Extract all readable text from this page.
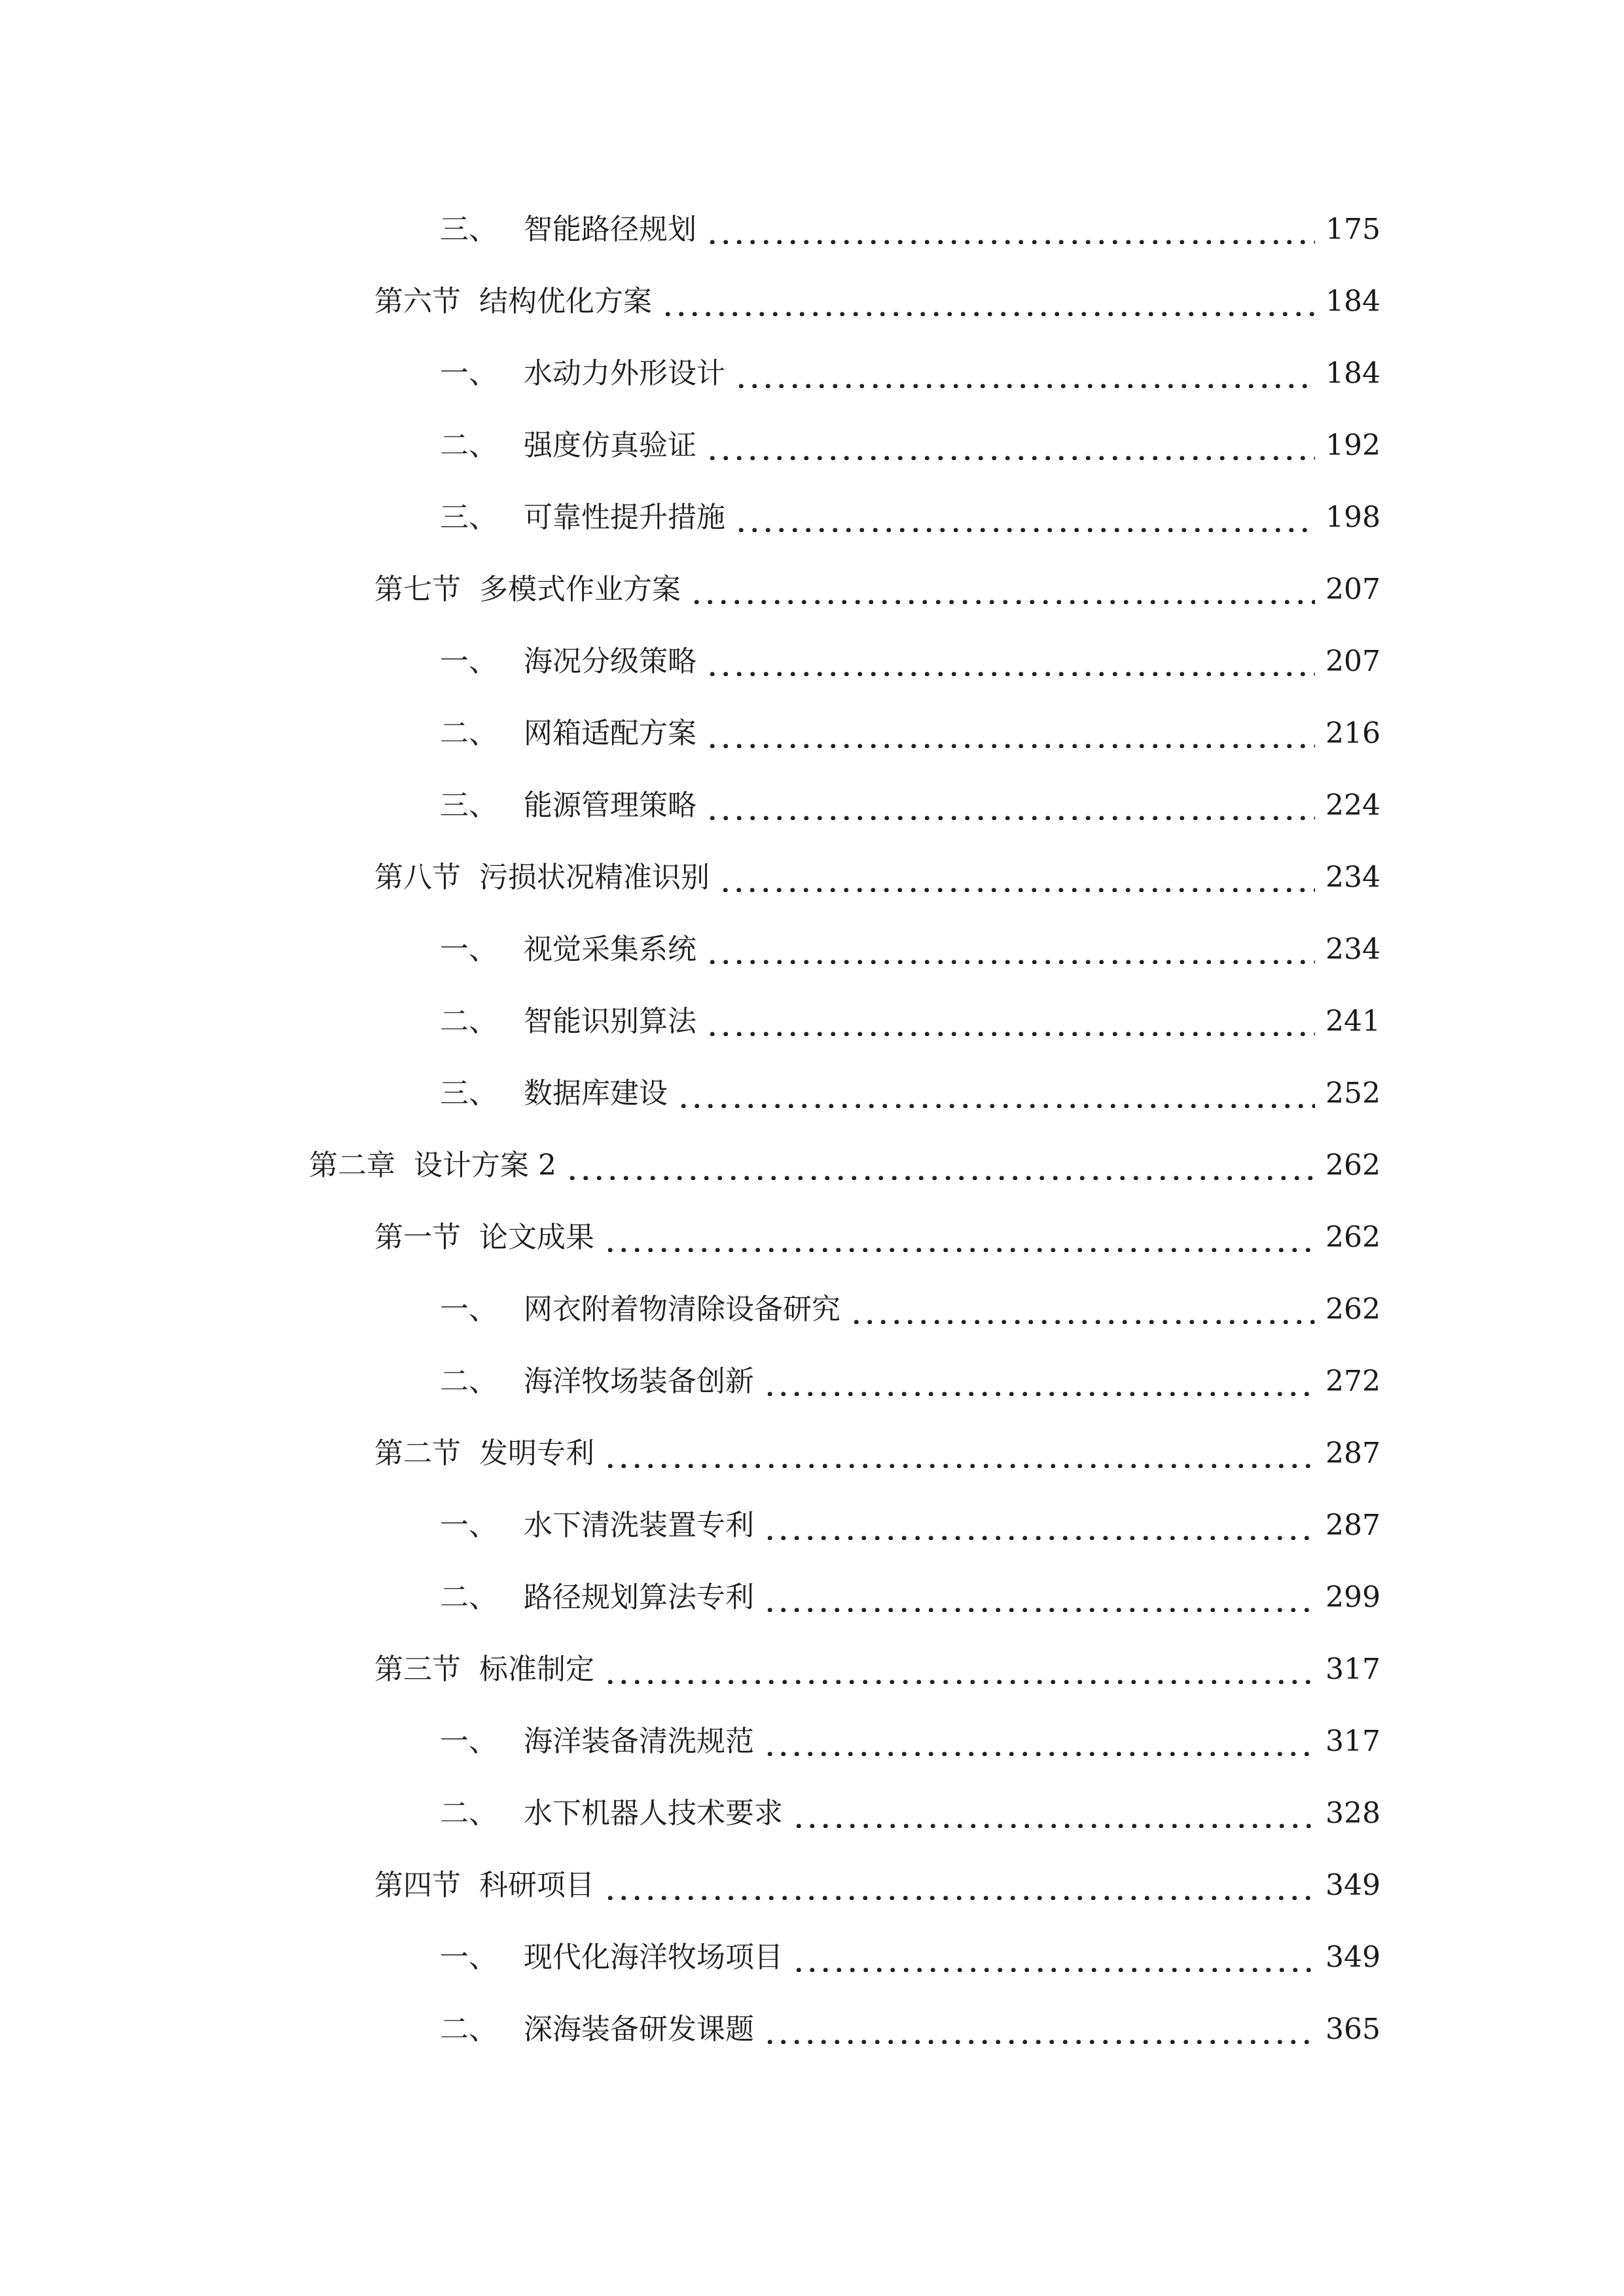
三、 智能路径规划	175
第六节 结构优化方案	184
一、 水动力外形设计	184
二、 强度仿真验证	192
三、 可靠性提升措施	198
第七节 多模式作业方案	207
一、 海况分级策略	207
二、 网箱适配方案	216
三、 能源管理策略	224
第八节 污损状况精准识别	234
一、 视觉采集系统	234
二、 智能识别算法	241
三、 数据库建设	252
第二章 设计方案 2	262
第一节 论文成果	262
一、 网衣附着物清除设备研究	262
二、 海洋牧场装备创新	272
第二节 发明专利	287
一、 水下清洗装置专利	287
二、 路径规划算法专利	299
第三节 标准制定	317
一、 海洋装备清洗规范	317
二、 水下机器人技术要求	328
第四节 科研项目	349
一、 现代化海洋牧场项目	349
二、 深海装备研发课题	365
